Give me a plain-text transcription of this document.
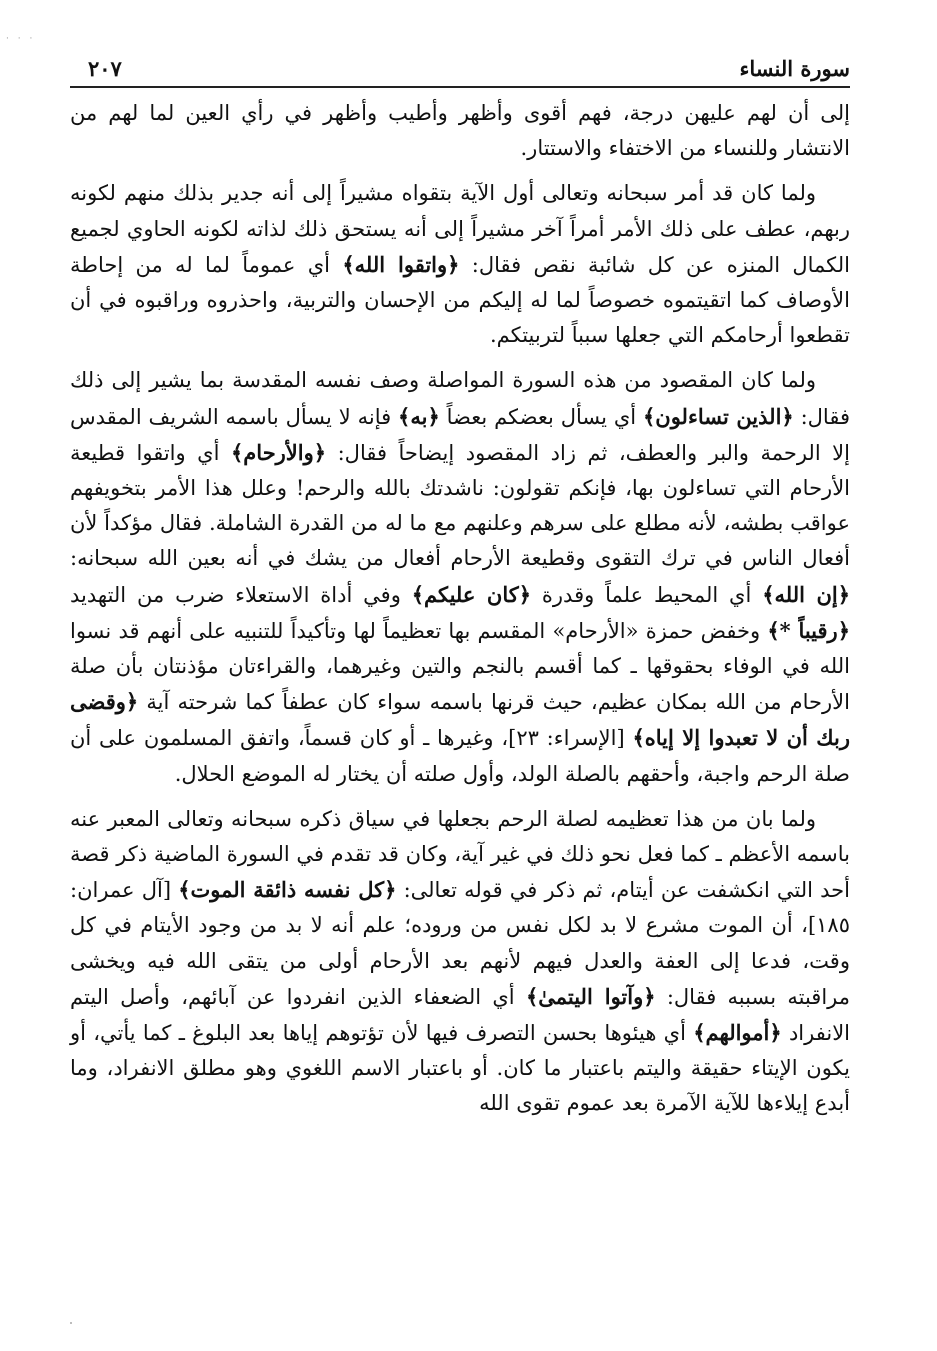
· · ·
سورة النساء
٢٠٧

إلى أن لهم عليهن درجة، فهم أقوى وأظهر وأطيب وأظهر في رأي العين لما لهم من الانتشار وللنساء من الاختفاء والاستتار.

ولما كان قد أمر سبحانه وتعالى أول الآية بتقواه مشيراً إلى أنه جدير بذلك منهم لكونه ربهم، عطف على ذلك الأمر أمراً آخر مشيراً إلى أنه يستحق ذلك لذاته لكونه الحاوي لجميع الكمال المنزه عن كل شائبة نقص فقال: ﴿واتقوا الله﴾ أي عموماً لما له من إحاطة الأوصاف كما اتقيتموه خصوصاً لما له إليكم من الإحسان والتربية، واحذروه وراقبوه في أن تقطعوا أرحامكم التي جعلها سبباً لتربيتكم.

ولما كان المقصود من هذه السورة المواصلة وصف نفسه المقدسة بما يشير إلى ذلك فقال: ﴿الذين تساءلون﴾ أي يسأل بعضكم بعضاً ﴿به﴾ فإنه لا يسأل باسمه الشريف المقدس إلا الرحمة والبر والعطف، ثم زاد المقصود إيضاحاً فقال: ﴿والأرحام﴾ أي واتقوا قطيعة الأرحام التي تساءلون بها، فإنكم تقولون: ناشدتك بالله والرحم! وعلل هذا الأمر بتخويفهم عواقب بطشه، لأنه مطلع على سرهم وعلنهم مع ما له من القدرة الشاملة. فقال مؤكداً لأن أفعال الناس في ترك التقوى وقطيعة الأرحام أفعال من يشك في أنه بعين الله سبحانه: ﴿إن الله﴾ أي المحيط علماً وقدرة ﴿كان عليكم﴾ وفي أداة الاستعلاء ضرب من التهديد ﴿رقيباً *﴾ وخفض حمزة «الأرحام» المقسم بها تعظيماً لها وتأكيداً للتنبيه على أنهم قد نسوا الله في الوفاء بحقوقها ـ كما أقسم بالنجم والتين وغيرهما، والقراءتان مؤذنتان بأن صلة الأرحام من الله بمكان عظيم، حيث قرنها باسمه سواء كان عطفاً كما شرحته آية ﴿وقضى ربك أن لا تعبدوا إلا إياه﴾ [الإسراء: ٢٣]، وغيرها ـ أو كان قسماً، واتفق المسلمون على أن صلة الرحم واجبة، وأحقهم بالصلة الولد، وأول صلته أن يختار له الموضع الحلال.

ولما بان من هذا تعظيمه لصلة الرحم بجعلها في سياق ذكره سبحانه وتعالى المعبر عنه باسمه الأعظم ـ كما فعل نحو ذلك في غير آية، وكان قد تقدم في السورة الماضية ذكر قصة أحد التي انكشفت عن أيتام، ثم ذكر في قوله تعالى: ﴿كل نفسه ذائقة الموت﴾ [آل عمران: ١٨٥]، أن الموت مشرع لا بد لكل نفس من وروده؛ علم أنه لا بد من وجود الأيتام في كل وقت، فدعا إلى العفة والعدل فيهم لأنهم بعد الأرحام أولى من يتقى الله فيه ويخشى مراقبته بسببه فقال: ﴿وآتوا اليتمىٰ﴾ أي الضعفاء الذين انفردوا عن آبائهم، وأصل اليتم الانفراد ﴿أموالهم﴾ أي هيئوها بحسن التصرف فيها لأن تؤتوهم إياها بعد البلوغ ـ كما يأتي، أو يكون الإيتاء حقيقة واليتم باعتبار ما كان. أو باعتبار الاسم اللغوي وهو مطلق الانفراد، وما أبدع إيلاءها للآية الآمرة بعد عموم تقوى الله
